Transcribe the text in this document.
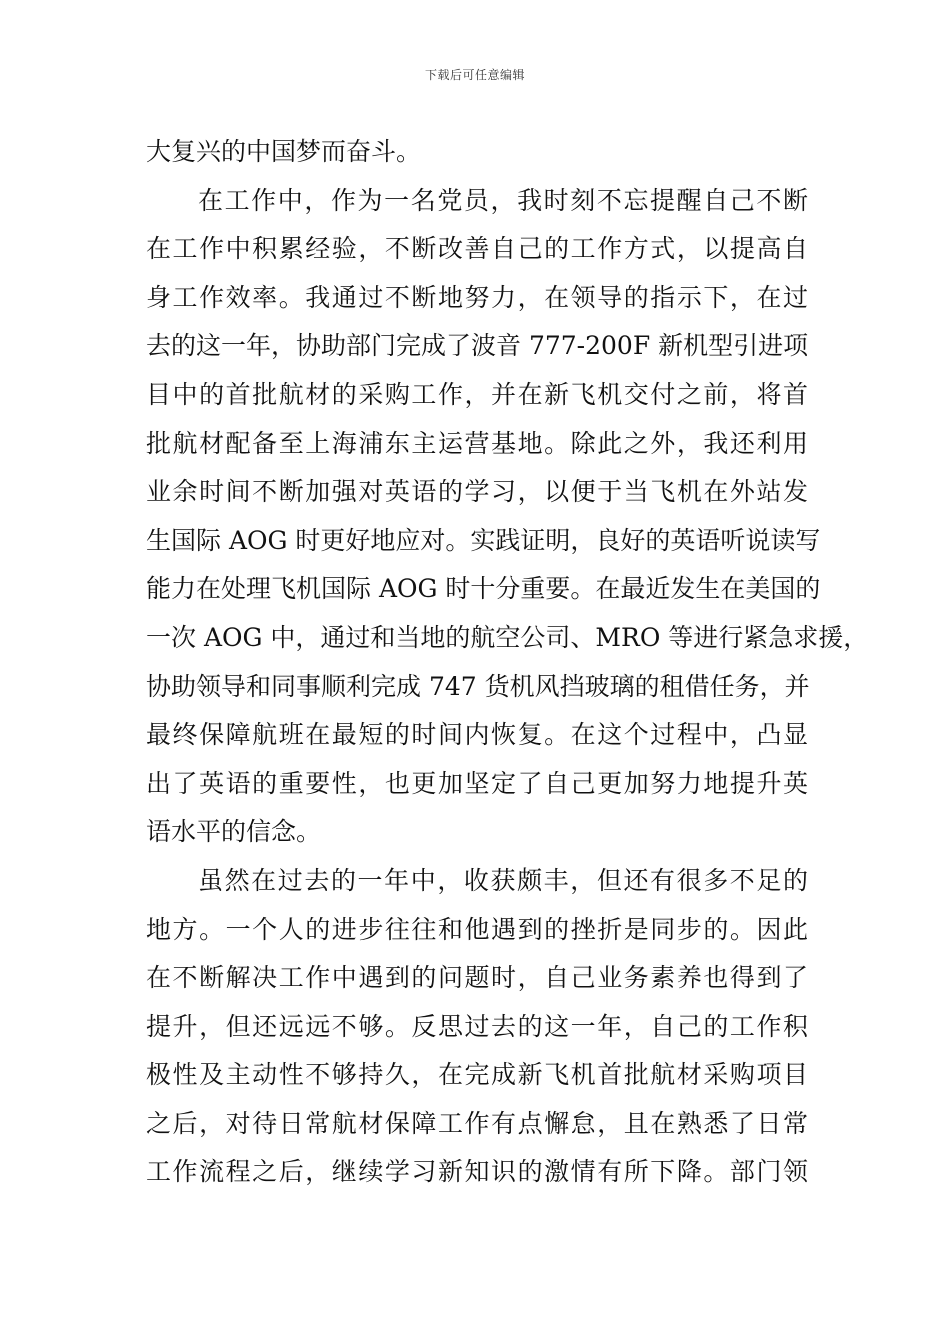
下载后可任意编辑
大复兴的中国梦而奋斗。
在工作中，作为一名党员，我时刻不忘提醒自己不断
在工作中积累经验，不断改善自己的工作方式，以提高自
身工作效率。我通过不断地努力，在领导的指示下，在过
去的这一年，协助部门完成了波音 777-200F 新机型引进项
目中的首批航材的采购工作，并在新飞机交付之前，将首
批航材配备至上海浦东主运营基地。除此之外，我还利用
业余时间不断加强对英语的学习，以便于当飞机在外站发
生国际 AOG 时更好地应对。实践证明，良好的英语听说读写
能力在处理飞机国际 AOG 时十分重要。在最近发生在美国的
一次 AOG 中，通过和当地的航空公司、MRO 等进行紧急求援，
协助领导和同事顺利完成 747 货机风挡玻璃的租借任务，并
最终保障航班在最短的时间内恢复。在这个过程中，凸显
出了英语的重要性，也更加坚定了自己更加努力地提升英
语水平的信念。
虽然在过去的一年中，收获颇丰，但还有很多不足的
地方。一个人的进步往往和他遇到的挫折是同步的。因此
在不断解决工作中遇到的问题时，自己业务素养也得到了
提升，但还远远不够。反思过去的这一年，自己的工作积
极性及主动性不够持久，在完成新飞机首批航材采购项目
之后，对待日常航材保障工作有点懈怠，且在熟悉了日常
工作流程之后，继续学习新知识的激情有所下降。部门领
